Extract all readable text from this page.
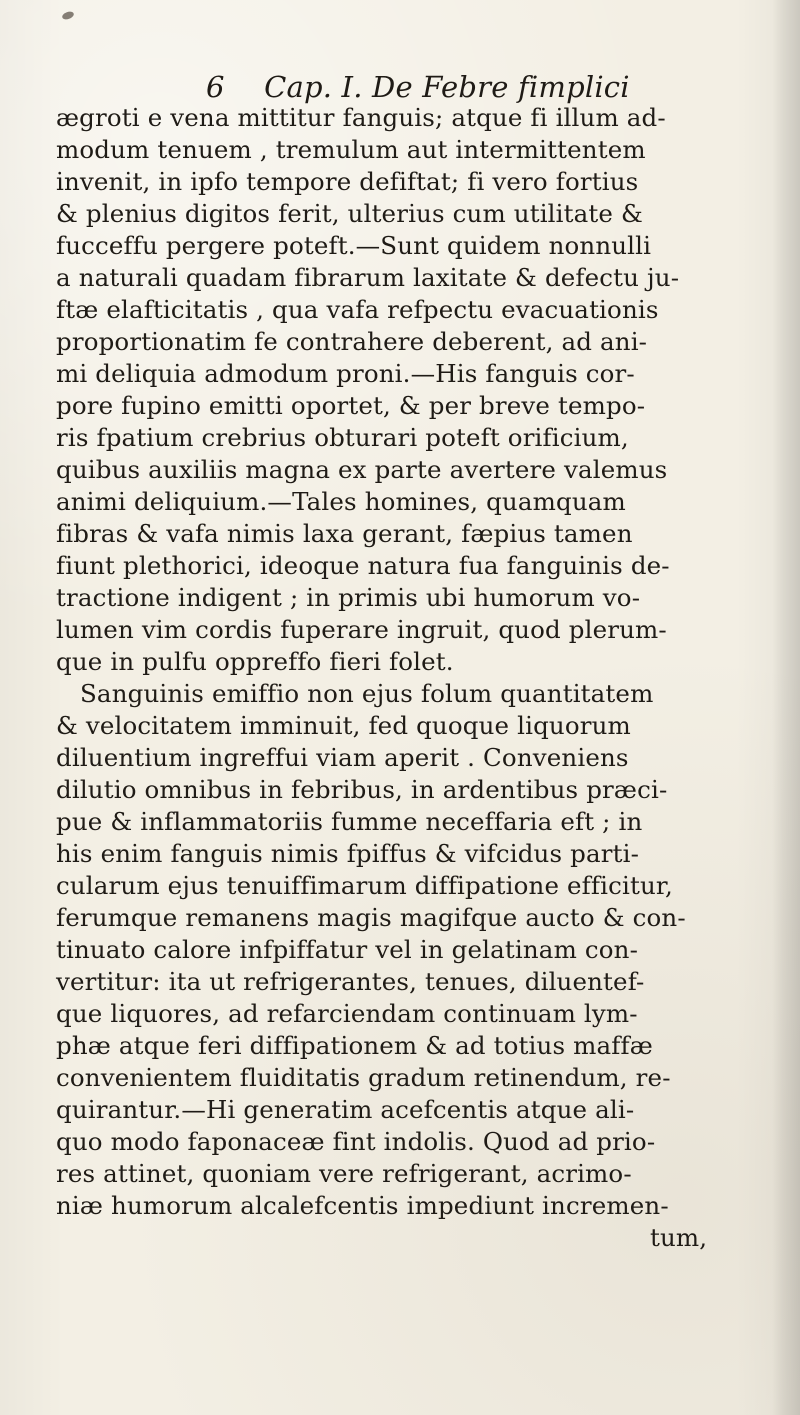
6 Cap. I. De Febre fimplici
ægroti e vena mittitur fanguis; atque fi illum ad-
modum tenuem , tremulum aut intermittentem
invenit, in ipfo tempore defiftat; fi vero fortius
& plenius digitos ferit, ulterius cum utilitate &
fucceffu pergere poteft.—Sunt quidem nonnulli
a naturali quadam fibrarum laxitate & defectu ju-
ftæ elafticitatis , qua vafa refpectu evacuationis
proportionatim fe contrahere deberent, ad ani-
mi deliquia admodum proni.—His fanguis cor-
pore fupino emitti oportet, & per breve tempo-
ris fpatium crebrius obturari poteft orificium,
quibus auxiliis magna ex parte avertere valemus
animi deliquium.—Tales homines, quamquam
fibras & vafa nimis laxa gerant, fæpius tamen
fiunt plethorici, ideoque natura fua fanguinis de-
tractione indigent ; in primis ubi humorum vo-
lumen vim cordis fuperare ingruit, quod plerum-
que in pulfu oppreffo fieri folet.
Sanguinis emiffio non ejus folum quantitatem
& velocitatem imminuit, fed quoque liquorum
diluentium ingreffui viam aperit . Conveniens
dilutio omnibus in febribus, in ardentibus præci-
pue & inflammatoriis fumme neceffaria eft ; in
his enim fanguis nimis fpiffus & vifcidus parti-
cularum ejus tenuiffimarum diffipatione efficitur,
ferumque remanens magis magifque aucto & con-
tinuato calore infpiffatur vel in gelatinam con-
vertitur: ita ut refrigerantes, tenues, diluentef-
que liquores, ad refarciendam continuam lym-
phæ atque feri diffipationem & ad totius maffæ
convenientem fluiditatis gradum retinendum, re-
quirantur.—Hi generatim acefcentis atque ali-
quo modo faponaceæ fint indolis. Quod ad prio-
res attinet, quoniam vere refrigerant, acrimo-
niæ humorum alcalefcentis impediunt incremen-
tum,
